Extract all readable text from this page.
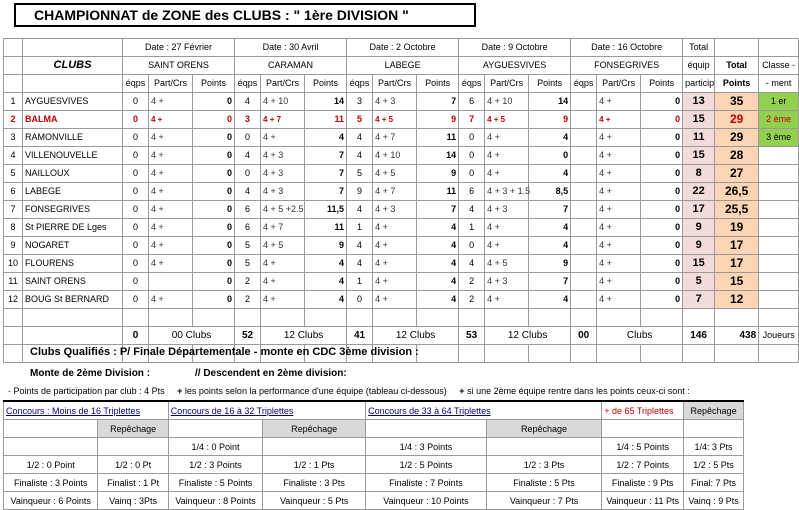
CHAMPIONNAT de ZONE des CLUBS : " 1ère DIVISION "
		Date : 27 Février			Date : 30 Avril			Date : 2 Octobre			Date : 9 Octobre			Date : 16 Octobre			Total		
	CLUBS	SAINT ORENS			CARAMAN			LABEGE			AYGUESVIVES			FONSEGRIVES			équip	Total	Classe -
		éqps	Part/Crs	Points	éqps	Part/Crs	Points	éqps	Part/Crs	Points	éqps	Part/Crs	Points	éqps	Part/Crs	Points	particip	Points	- ment
1	AYGUESVIVES	0	4 +	0	4	4 + 10	14	3	4 + 3	7	6	4 + 10	14		4 +	0	13	35	1 er
2	BALMA	0	4 +	0	3	4 + 7	11	5	4 + 5	9	7	4 + 5	9		4 +	0	15	29	2 ème
3	RAMONVILLE	0	4 +	0	0	4 +	4	4	4 + 7	11	0	4 +	4		4 +	0	11	29	3 ème
4	VILLENOUVELLE	0	4 +	0	4	4 + 3	7	4	4 + 10	14	0	4 +	0		4 +	0	15	28	
5	NAILLOUX	0	4 +	0	0	4 + 3	7	5	4 + 5	9	0	4 +	4		4 +	0	8	27	
6	LABEGE	0	4 +	0	4	4 + 3	7	9	4 + 7	11	6	4 + 3 + 1.5	8,5		4 +	0	22	26,5	
7	FONSEGRIVES	0	4 +	0	6	4 + 5 +2.5	11,5	4	4 + 3	7	4	4 + 3	7		4 +	0	17	25,5	
8	St PIERRE DE Lges	0	4 +	0	6	4 + 7	11	1	4 +	4	1	4 +	4		4 +	0	9	19	
9	NOGARET	0	4 +	0	5	4 + 5	9	4	4 +	4	0	4 +	4		4 +	0	9	17	
10	FLOURENS	0	4 +	0	5	4 +	4	4	4 +	4	4	4 + 5	9		4 +	0	15	17	
11	SAINT ORENS	0		0	2	4 +	4	1	4 +	4	2	4 + 3	7		4 +	0	5	15	
12	BOUG St BERNARD	0	4 +	0	2	4 +	4	0	4 +	4	2	4 +	4		4 +	0	7	12	

		0	00 Clubs		52	12 Clubs		41	12 Clubs		53	12 Clubs		00	Clubs		146	438	Joueurs

Clubs Qualifiés : P/ Finale Départementale - monte en CDC 3ème division :
Monte de 2ème Division :	// Descendent en 2ème division:
- Points de participation par club : 4 Pts + les points selon la performance d'une équipe (tableau ci-dessous) + si une 2ème équipe rentre dans les points ceux-ci sont :
Concours : Moins de 16 Triplettes		Concours de 16 à 32 Triplettes		Concours de 33 à 64 Triplettes		+ de 65 Triplettes	Repêchage
	Repêchage		Repêchage		Repêchage		
		1/4 : 0 Point		1/4 : 3 Points		1/4 : 5 Points	1/4: 3 Pts
1/2 : 0 Point	1/2 : 0 Pt	1/2 : 3 Points	1/2 : 1 Pts	1/2 : 5 Points	1/2 : 3 Pts	1/2 : 7 Points	1/2 : 5 Pts
Finaliste : 3 Points	Finalist : 1 Pt	Finaliste : 5 Points	Finaliste : 3 Pts	Finaliste : 7 Points	Finaliste : 5 Pts	Finaliste : 9 Pts	Final: 7 Pts
Vainqueur : 6 Points	Vainq : 3Pts	Vainqueur : 8 Points	Vainqueur : 5 Pts	Vainqueur : 10 Points	Vainqueur : 7 Pts	Vainqueur : 11 Pts	Vainq : 9 Pts
